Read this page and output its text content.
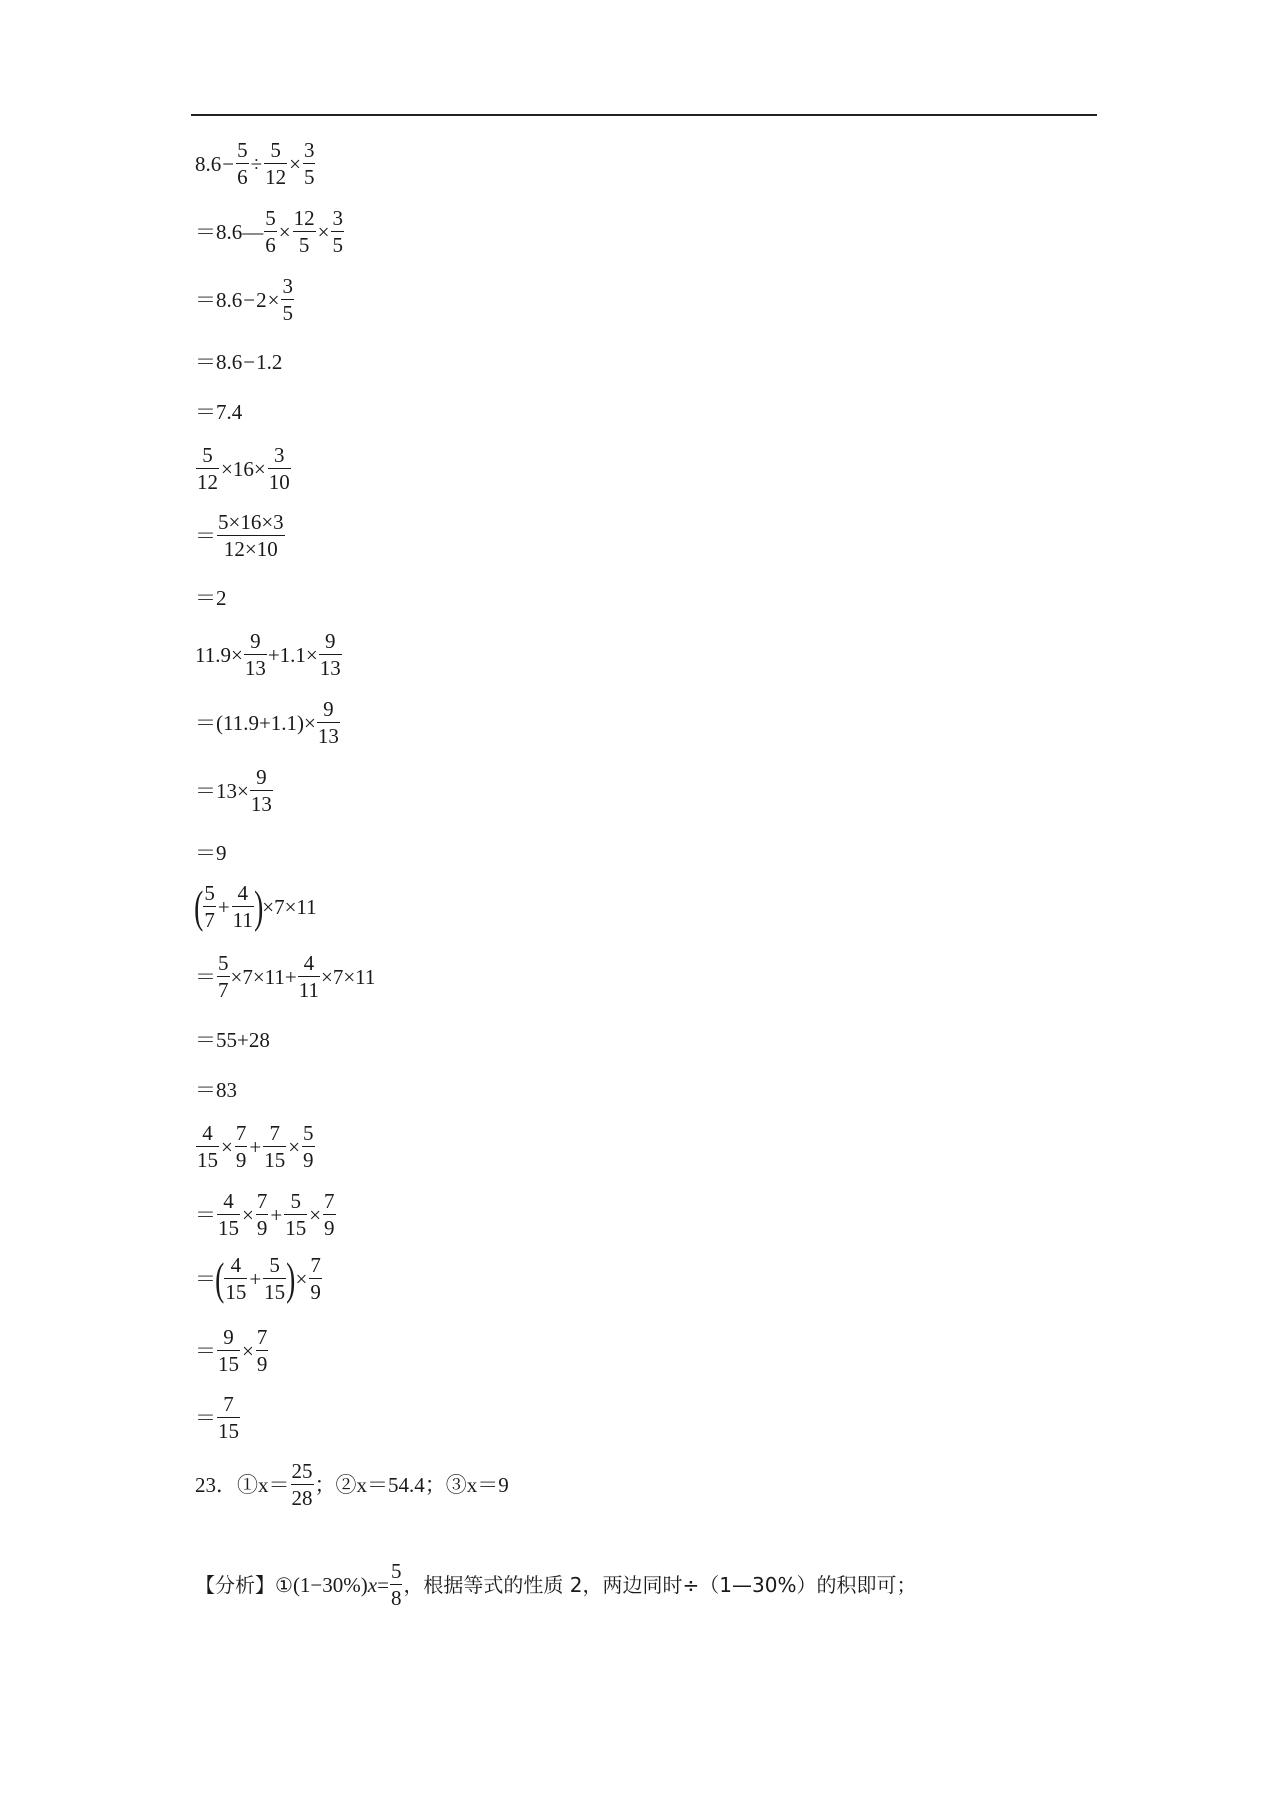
$8.6 - \frac{5}{6} \div \frac{5}{12} \times \frac{3}{5}$
＝8.6— $\frac{5}{6} \times \frac{12}{5} \times \frac{3}{5}$
$=8.6 - 2 \times \frac{3}{5}$
＝8.6 − 1.2
＝7.4
$\frac{5}{12} \times 16\times \frac{3}{10}$
＝ $\frac{5\times 16\times 3}{12\times 10}$
＝2
$11.9\times \frac{9}{13} +1.1\times \frac{9}{13}$
$=(11.9+1.1)\times \frac{9}{13}$
$=13\times \frac{9}{13}$
＝9
( $\frac{5}{7} + \frac{4}{11}$ ) ×7×11
＝ $\frac{5}{7} \times 7\times 11+ \frac{4}{11} \times 7\times 11$
＝55+28
＝83
$\frac{4}{15} \times \frac{7}{9} + \frac{7}{15} \times \frac{5}{9}$
＝ $\frac{4}{15} \times \frac{7}{9} + \frac{5}{15} \times \frac{7}{9}$
＝ ( $\frac{4}{15} + \frac{5}{15}$ ) × $\frac{7}{9}$
＝ $\frac{9}{15} \times \frac{7}{9}$
＝ $\frac{7}{15}$
23．①x＝ $\frac{25}{28}$ ；②x＝54.4；③x＝9
【分析】① (1−30%) $x = \frac{5}{8}$ ，根据等式的性质 2，两边同时÷（1—30%）的积即可；
